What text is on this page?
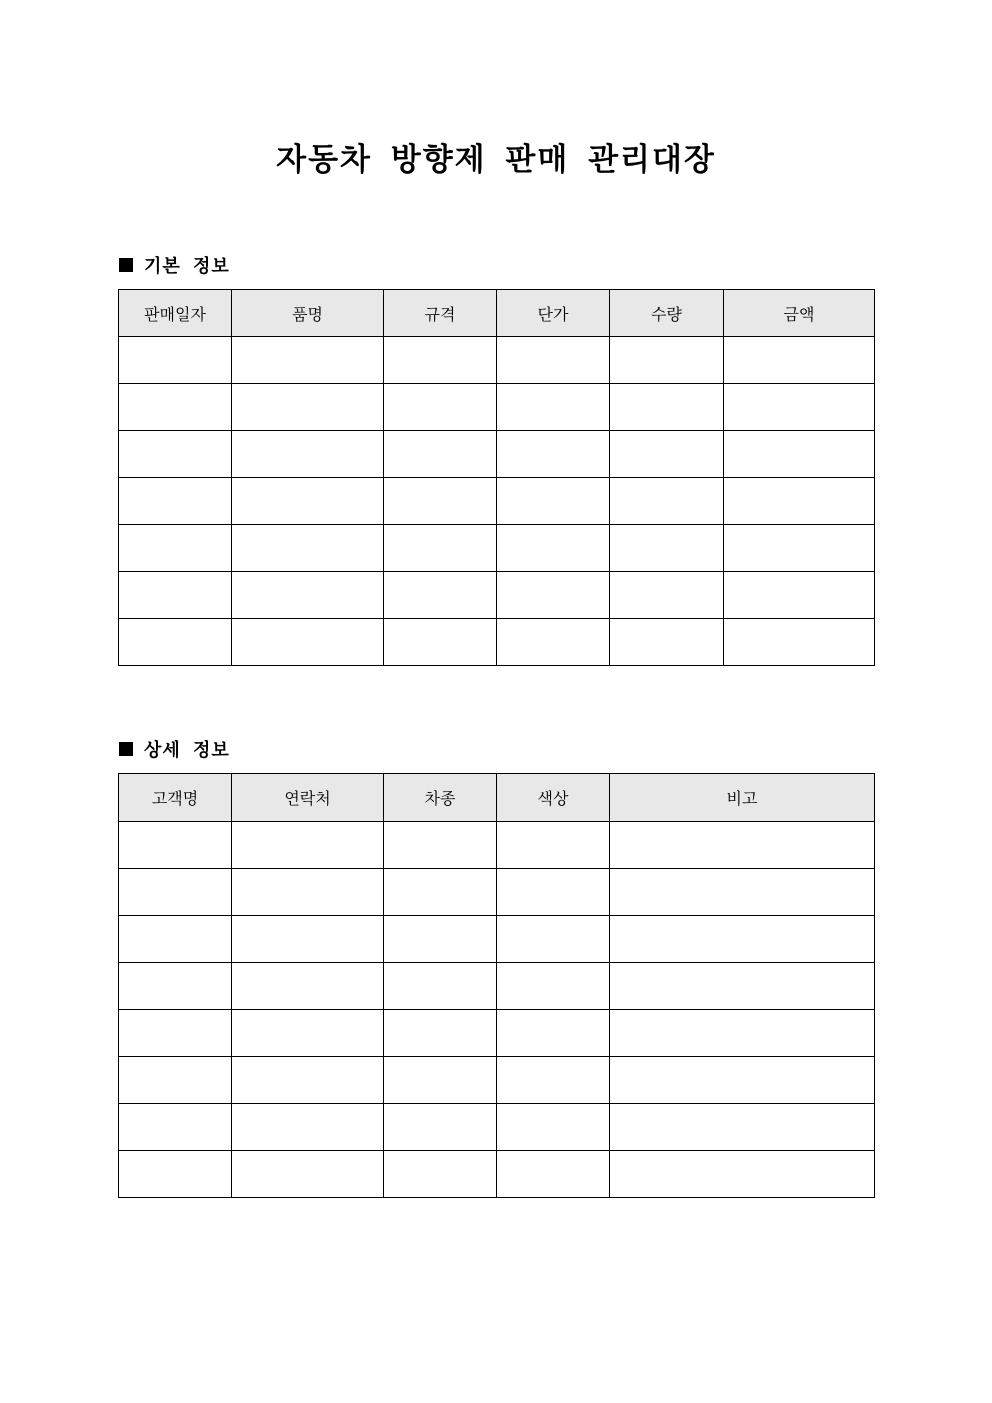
자동차 방향제 판매 관리대장
기본 정보
판매일자	품명	규격	단가	수량	금액

상세 정보
고객명	연락처	차종	색상	비고
